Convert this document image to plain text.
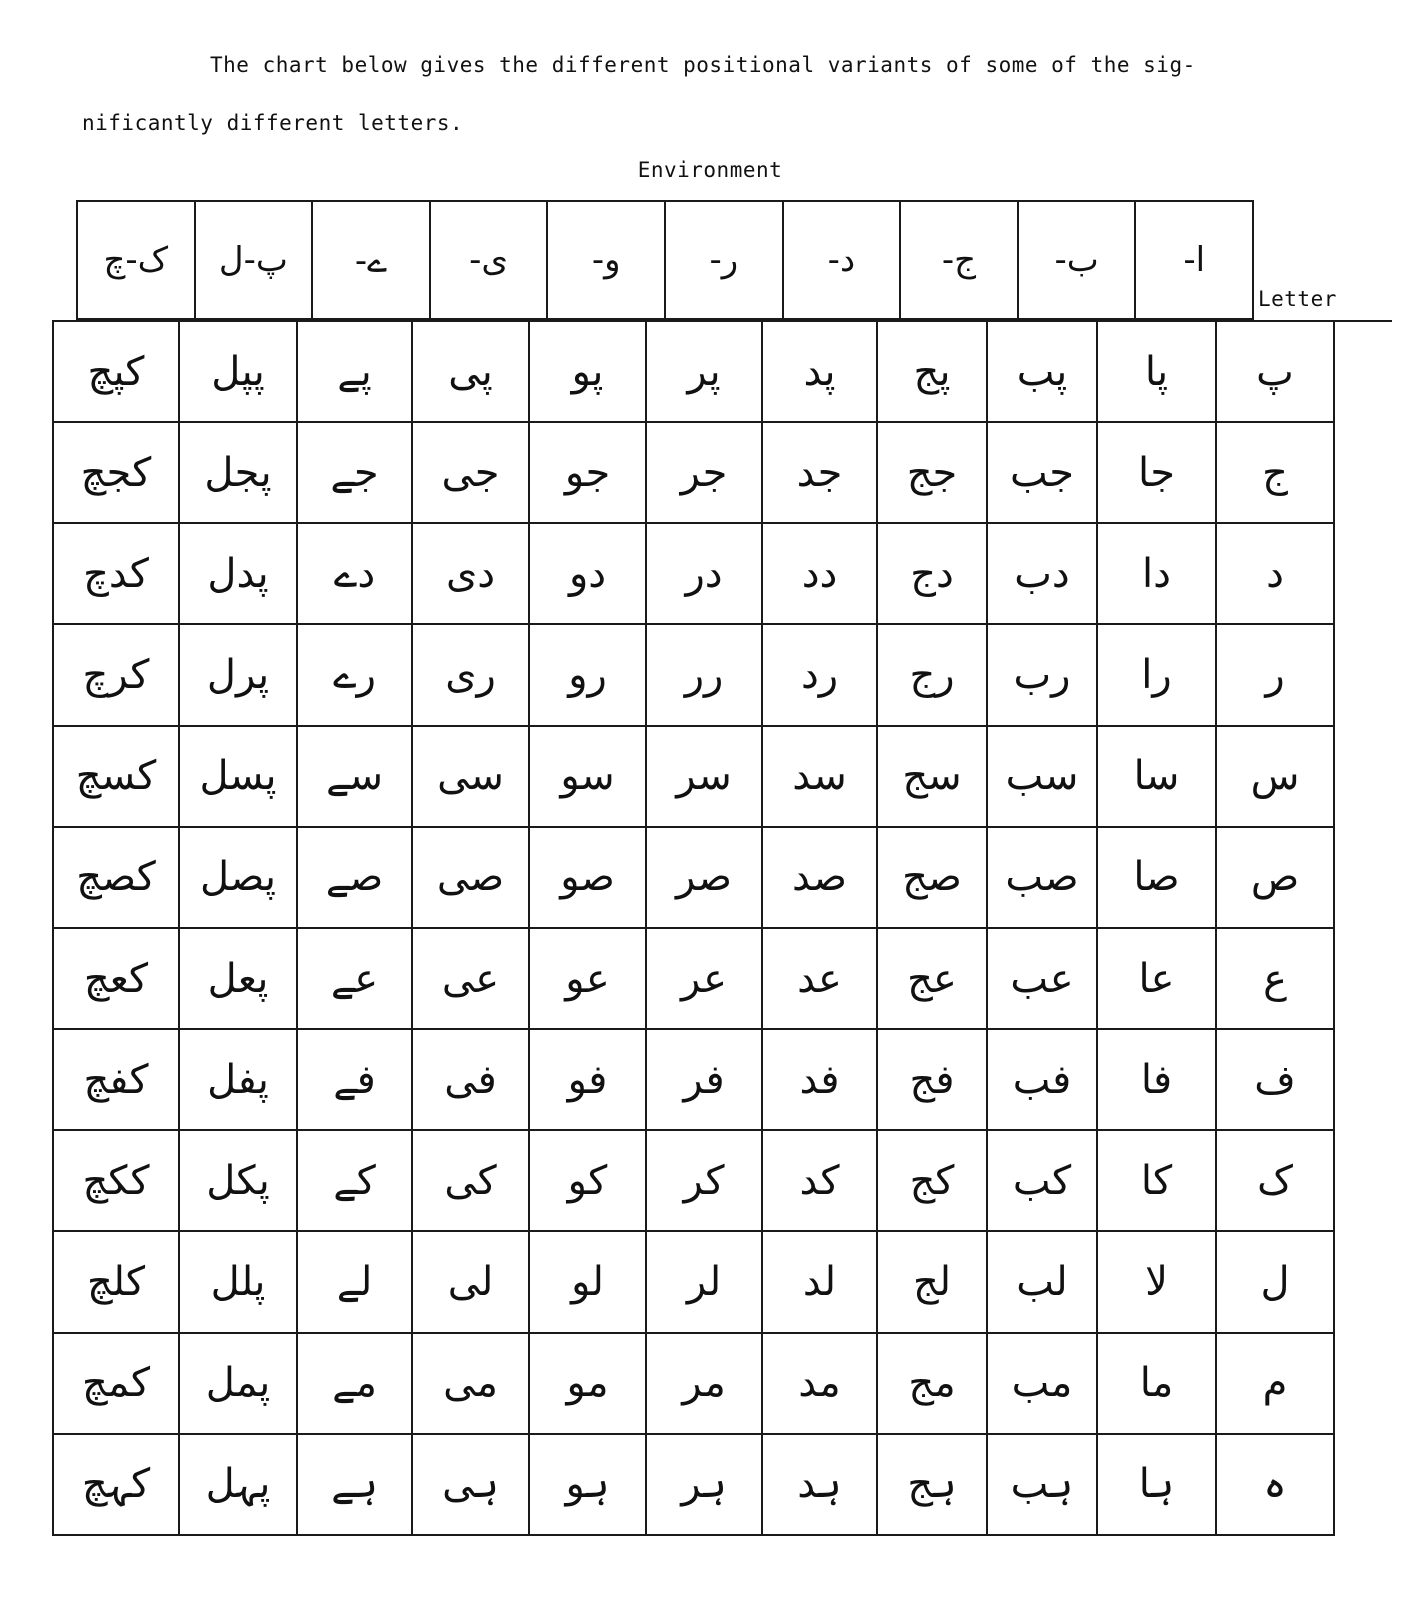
The chart below gives the different positional variants of some of the sig-
nificantly different letters.
Environment
Letter
ک-چ	پ-ل	-ے	-ی	-و	-ر	-د	-ج	-ب	-ا
کپچ	پپل	پے	پی	پو	پر	پد	پج	پب	پا	پ
کجچ	پجل	جے	جی	جو	جر	جد	جج	جب	جا	ج
کدچ	پدل	دے	دی	دو	در	دد	دج	دب	دا	د
کرچ	پرل	رے	ری	رو	رر	رد	رج	رب	را	ر
کسچ	پسل	سے	سی	سو	سر	سد	سج	سب	سا	س
کصچ	پصل	صے	صی	صو	صر	صد	صج	صب	صا	ص
کعچ	پعل	عے	عی	عو	عر	عد	عج	عب	عا	ع
کفچ	پفل	فے	فی	فو	فر	فد	فج	فب	فا	ف
ککچ	پکل	کے	کی	کو	کر	کد	کج	کب	کا	ک
کلچ	پلل	لے	لی	لو	لر	لد	لج	لب	لا	ل
کمچ	پمل	مے	می	مو	مر	مد	مج	مب	ما	م
کہچ	پہل	ہے	ہی	ہو	ہر	ہد	ہج	ہب	ہا	ہ
